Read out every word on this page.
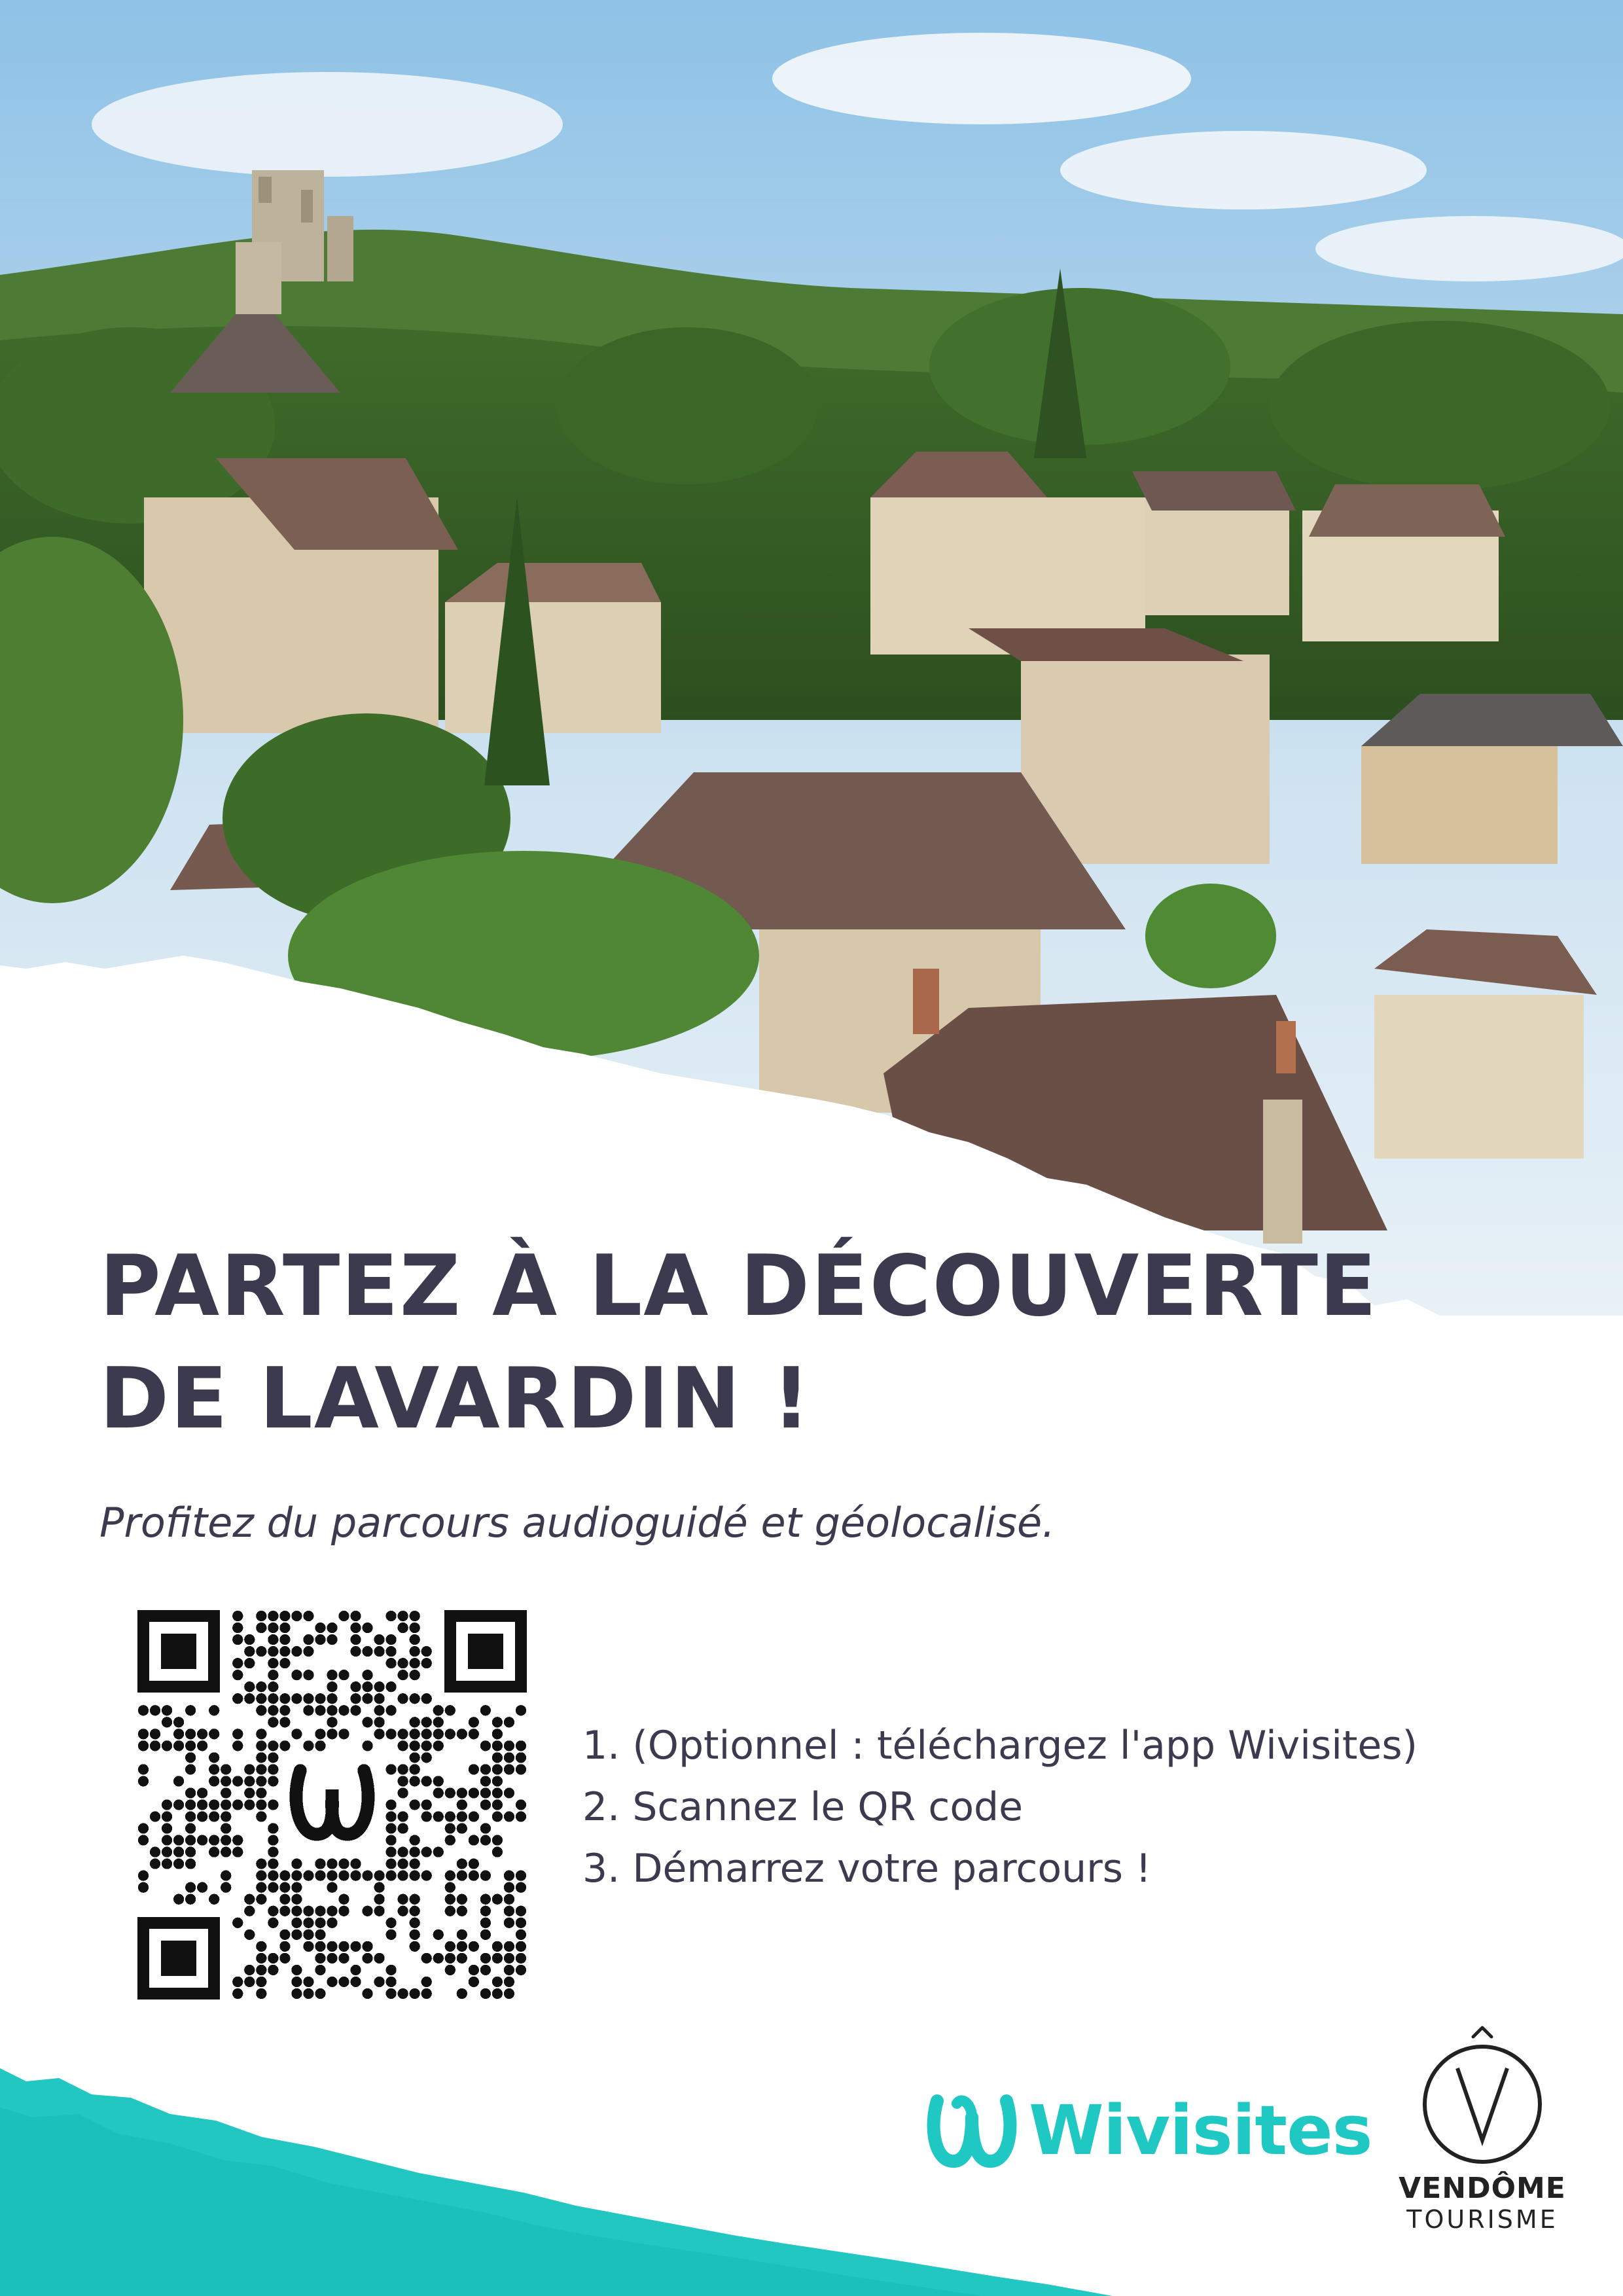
PARTEZ À LA DÉCOUVERTE
DE LAVARDIN !

Profitez du parcours audioguidé et géolocalisé.

1. (Optionnel : téléchargez l'app Wivisites)
2. Scannez le QR code
3. Démarrez votre parcours !
Wivisites
VENDÔME
TOURISME
